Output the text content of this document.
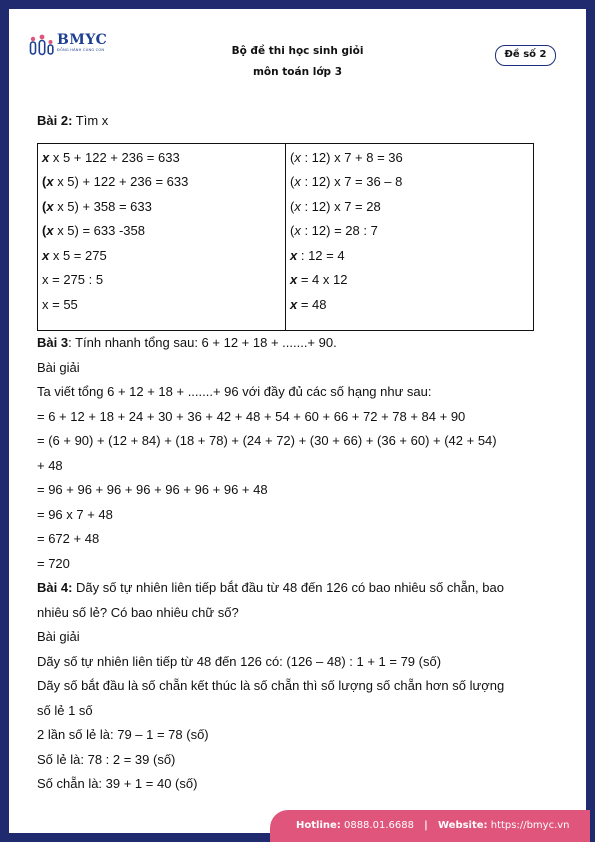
BMYC
ĐỒNG HÀNH CÙNG CON	Bộ đề thi học sinh giỏi
môn toán lớp 3
Đề số 2
Bài 2: Tìm x
x x 5 + 122 + 236 = 633
(x x 5) + 122 + 236 = 633
(x x 5) + 358 = 633
(x x 5) = 633 -358
x x 5 = 275
x = 275 : 5
x = 55

(x : 12) x 7 + 8 = 36
(x : 12) x 7 = 36 – 8
(x : 12) x 7 = 28
(x : 12) = 28 : 7
x : 12 = 4
x = 4 x 12
x = 48
Bài 3: Tính nhanh tổng sau: 6 + 12 + 18 + .......+ 90.
Bài giải
Ta viết tổng 6 + 12 + 18 + .......+ 96 với đầy đủ các số hạng như sau:
= 6 + 12 + 18 + 24 + 30 + 36 + 42 + 48 + 54 + 60 + 66 + 72 + 78 + 84 + 90
= (6 + 90) + (12 + 84) + (18 + 78) + (24 + 72) + (30 + 66) + (36 + 60) + (42 + 54)
+ 48
= 96 + 96 + 96 + 96 + 96 + 96 + 96 + 48
= 96 x 7 + 48
= 672 + 48
= 720
Bài 4: Dãy số tự nhiên liên tiếp bắt đầu từ 48 đến 126 có bao nhiêu số chẵn, bao
nhiêu số lẻ? Có bao nhiêu chữ số?
Bài giải
Dãy số tự nhiên liên tiếp từ 48 đến 126 có: (126 – 48) : 1 + 1 = 79 (số)
Dãy số bắt đầu là số chẵn kết thúc là số chẵn thì số lượng số chẵn hơn số lượng
số lẻ 1 số
2 lần số lẻ là: 79 – 1 = 78 (số)
Số lẻ là: 78 : 2 = 39 (số)
Số chẵn là: 39 + 1 = 40 (số)
Hotline: 0888.01.6688 | Website: https://bmyc.vn
